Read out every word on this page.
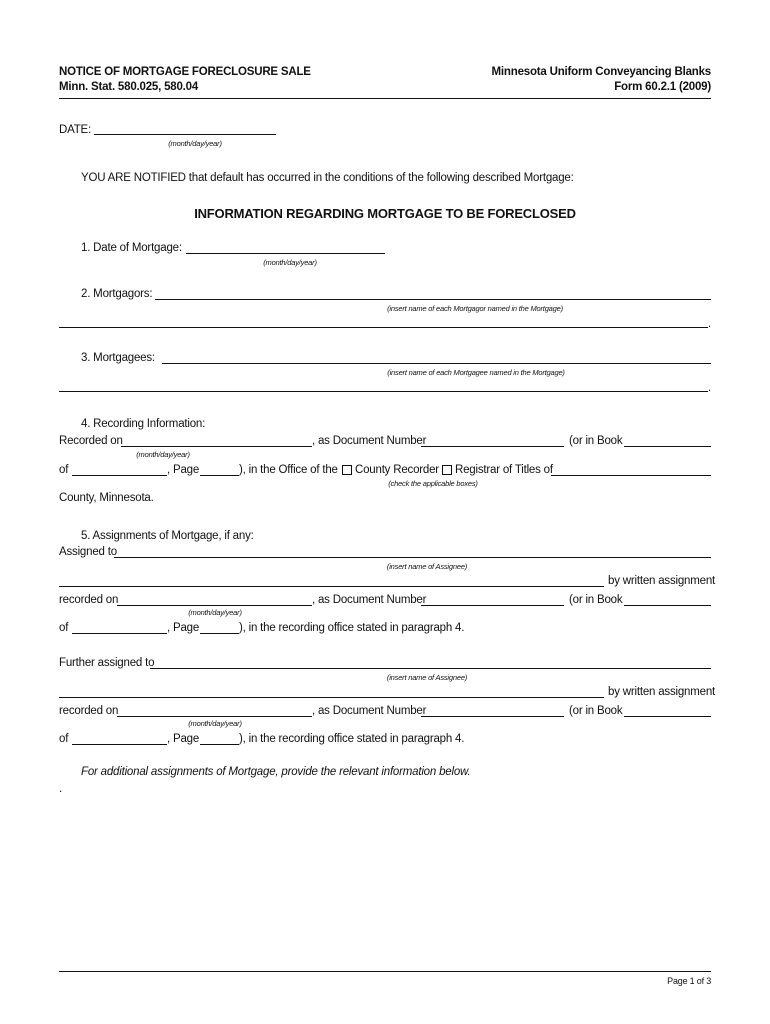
NOTICE OF MORTGAGE FORECLOSURE SALE
Minn. Stat. 580.025, 580.04
Minnesota Uniform Conveyancing Blanks
Form 60.2.1 (2009)
DATE:
(month/day/year)
YOU ARE NOTIFIED that default has occurred in the conditions of the following described Mortgage:
INFORMATION REGARDING MORTGAGE TO BE FORECLOSED
1. Date of Mortgage:
(month/day/year)
2. Mortgagors:
(insert name of each Mortgagor named in the Mortgage)
.
3. Mortgagees:
(insert name of each Mortgagee named in the Mortgage)
.
4. Recording Information:
Recorded on	, as Document Number	(or in Book
(month/day/year)
of	, Page	), in the Office of the County Recorder Registrar of Titles of
(check the applicable boxes)
County, Minnesota.
5. Assignments of Mortgage, if any:
Assigned to
(insert name of Assignee)
by written assignment
recorded on	, as Document Number	(or in Book
(month/day/year)
of	, Page	), in the recording office stated in paragraph 4.
Further assigned to
(insert name of Assignee)
by written assignment
recorded on	, as Document Number	(or in Book
(month/day/year)
of	, Page	), in the recording office stated in paragraph 4.
For additional assignments of Mortgage, provide the relevant information below.
.
Page 1 of 3
